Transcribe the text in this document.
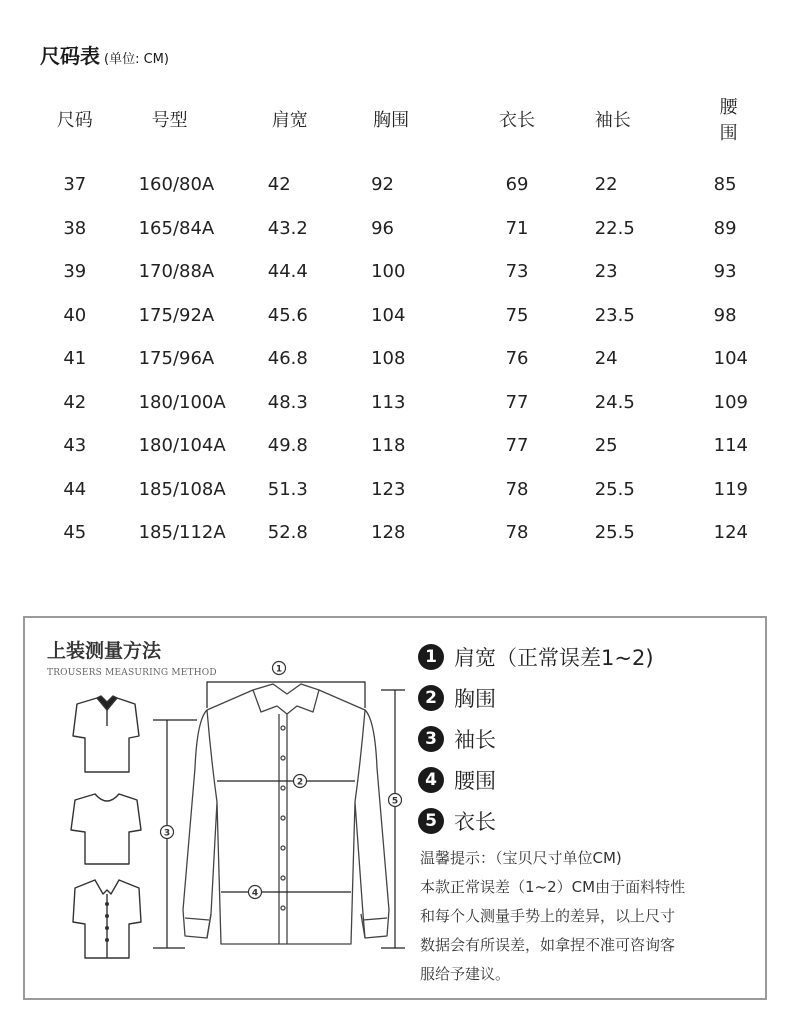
尺码表 (单位: CM)
尺码	号型	肩宽	胸围	衣长	袖长	腰围

37	160/80A	42	92	69	22	85
38	165/84A	43.2	96	71	22.5	89
39	170/88A	44.4	100	73	23	93
40	175/92A	45.6	104	75	23.5	98
41	175/96A	46.8	108	76	24	104
42	180/100A	48.3	113	77	24.5	109
43	180/104A	49.8	118	77	25	114
44	185/108A	51.3	123	78	25.5	119
45	185/112A	52.8	128	78	25.5	124
上装测量方法
TROUSERS MEASURING METHOD	1
2
3
4
5
1 肩宽（正常误差1~2)
2 胸围
3 袖长
4 腰围
5 衣长

温馨提示：（宝贝尺寸单位CM)

本款正常误差（1~2）CM由于面料特性

和每个人测量手势上的差异，以上尺寸

数据会有所误差，如拿捏不准可咨询客

服给予建议。
